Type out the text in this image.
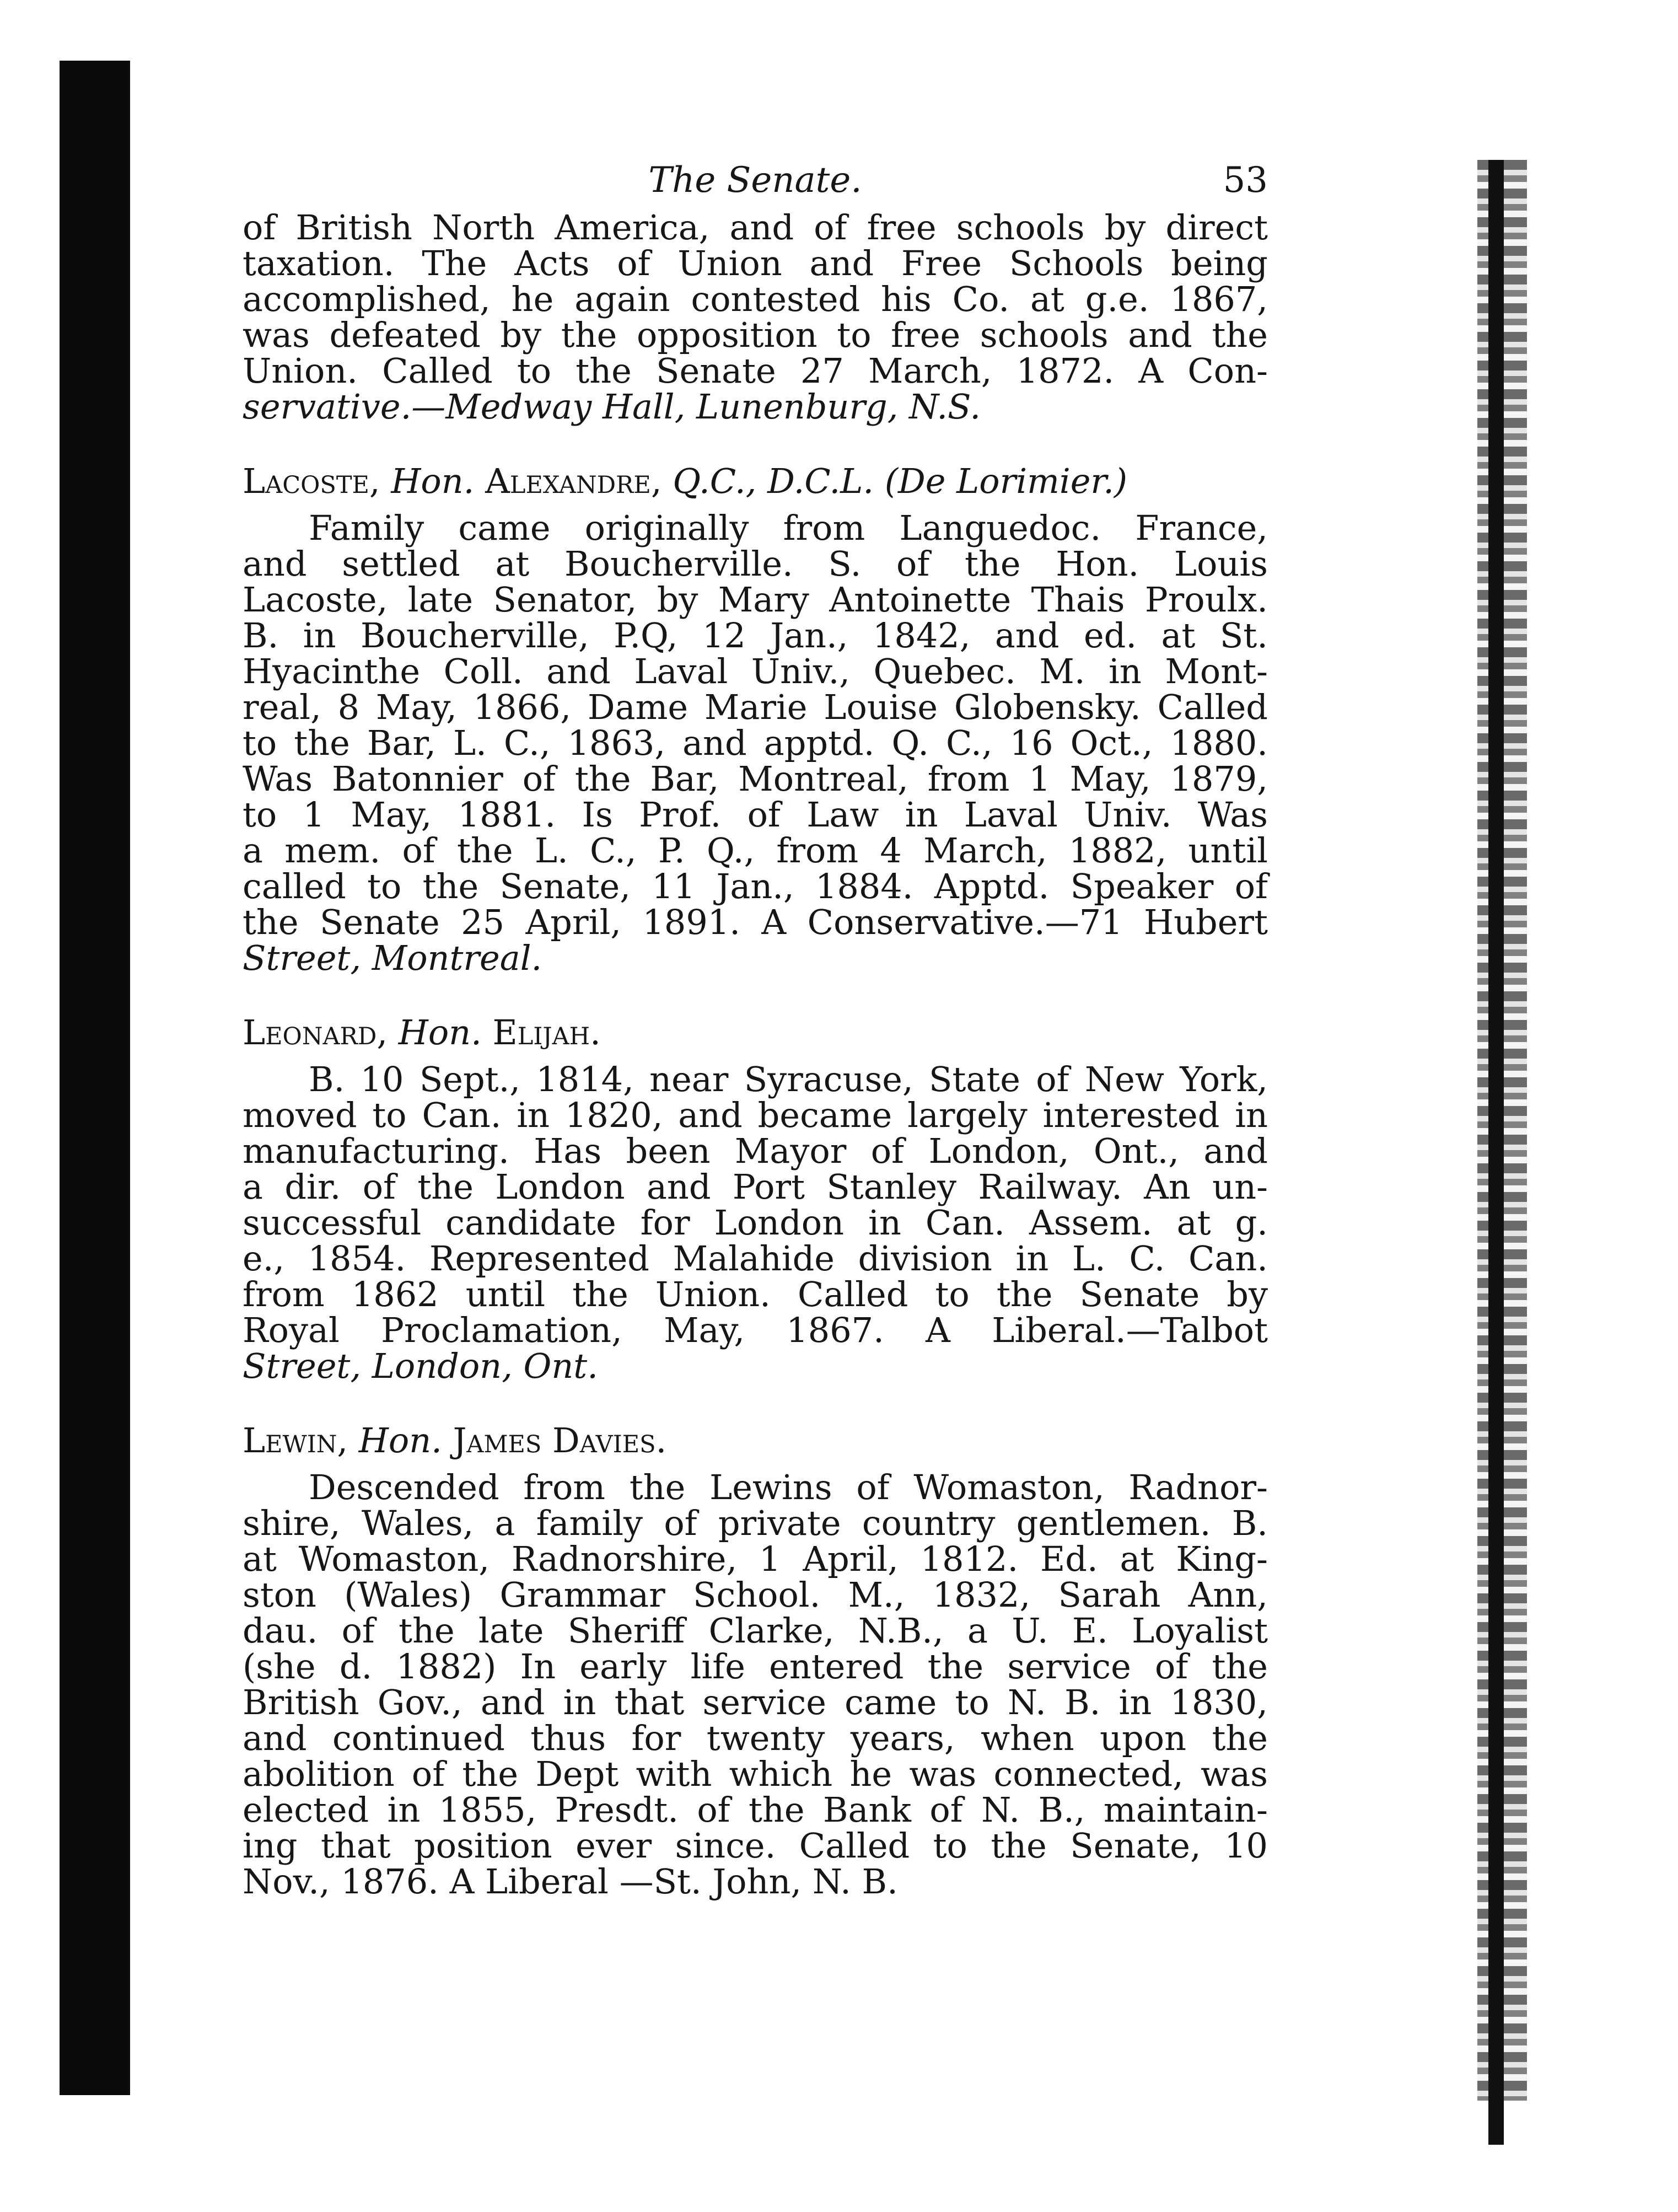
The Senate.	53

of British North America, and of free schools by direct
taxation. The Acts of Union and Free Schools being
accomplished, he again contested his Co. at g.e. 1867,
was defeated by the opposition to free schools and the
Union. Called to the Senate 27 March, 1872. A Con-
servative.—Medway Hall, Lunenburg, N.S.

Lacoste, Hon. Alexandre, Q.C., D.C.L. (De Lorimier.)

Family came originally from Languedoc. France,
and settled at Boucherville. S. of the Hon. Louis
Lacoste, late Senator, by Mary Antoinette Thais Proulx.
B. in Boucherville, P.Q, 12 Jan., 1842, and ed. at St.
Hyacinthe Coll. and Laval Univ., Quebec. M. in Mont-
real, 8 May, 1866, Dame Marie Louise Globensky. Called
to the Bar, L. C., 1863, and apptd. Q. C., 16 Oct., 1880.
Was Batonnier of the Bar, Montreal, from 1 May, 1879,
to 1 May, 1881. Is Prof. of Law in Laval Univ. Was
a mem. of the L. C., P. Q., from 4 March, 1882, until
called to the Senate, 11 Jan., 1884. Apptd. Speaker of
the Senate 25 April, 1891. A Conservative.—71 Hubert
Street, Montreal.

Leonard, Hon. Elijah.

B. 10 Sept., 1814, near Syracuse, State of New York,
moved to Can. in 1820, and became largely interested in
manufacturing. Has been Mayor of London, Ont., and
a dir. of the London and Port Stanley Railway. An un-
successful candidate for London in Can. Assem. at g.
e., 1854. Represented Malahide division in L. C. Can.
from 1862 until the Union. Called to the Senate by
Royal Proclamation, May, 1867. A Liberal.—Talbot
Street, London, Ont.

Lewin, Hon. James Davies.

Descended from the Lewins of Womaston, Radnor-
shire, Wales, a family of private country gentlemen. B.
at Womaston, Radnorshire, 1 April, 1812. Ed. at King-
ston (Wales) Grammar School. M., 1832, Sarah Ann,
dau. of the late Sheriff Clarke, N.B., a U. E. Loyalist
(she d. 1882) In early life entered the service of the
British Gov., and in that service came to N. B. in 1830,
and continued thus for twenty years, when upon the
abolition of the Dept with which he was connected, was
elected in 1855, Presdt. of the Bank of N. B., maintain-
ing that position ever since. Called to the Senate, 10
Nov., 1876. A Liberal —St. John, N. B.
